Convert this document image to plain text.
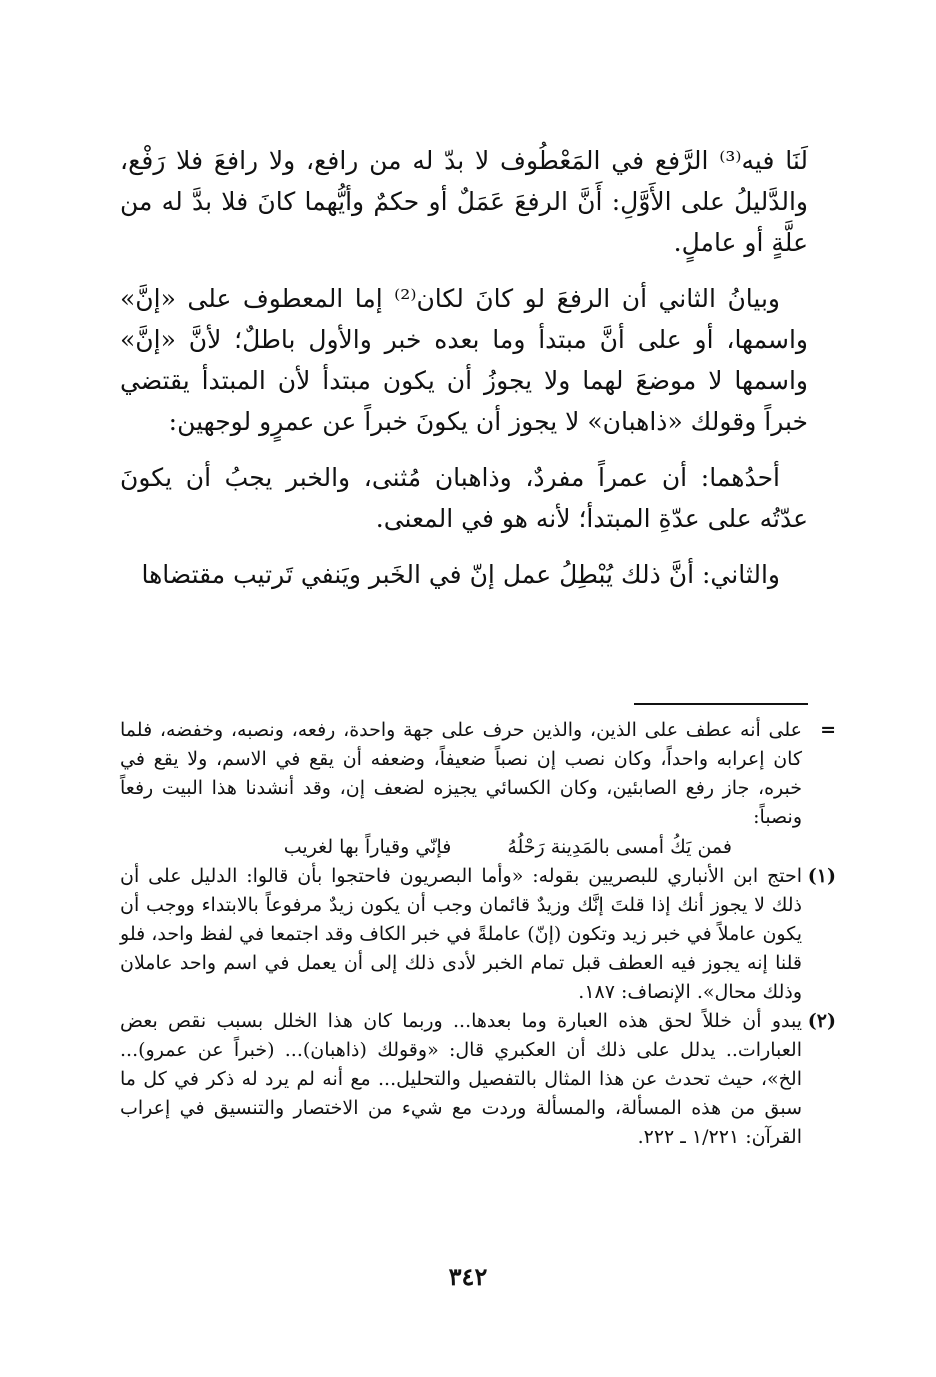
لَنَا فيه⁽³⁾ الرَّفع في المَعْطُوف لا بدّ له من رافع، ولا رافعَ فلا رَفْع، والدَّليلُ على الأَوَّلِ: أَنَّ الرفعَ عَمَلٌ أو حكمٌ وأيُّهما كانَ فلا بدَّ له من علَّةٍ أو عاملٍ.

وبيانُ الثاني أن الرفعَ لو كانَ لكان⁽²⁾ إما المعطوف على «إنَّ» واسمها، أو على أنَّ مبتدأ وما بعده خبر والأول باطلٌ؛ لأنَّ «إنَّ» واسمها لا موضعَ لهما ولا يجوزُ أن يكون مبتدأ لأن المبتدأ يقتضي خبراً وقولك «ذاهبان» لا يجوز أن يكونَ خبراً عن عمرٍو لوجهين:

أحدُهما: أن عمراً مفردٌ، وذاهبان مُثنى، والخبر يجبُ أن يكونَ عدّتُه على عدّةِ المبتدأ؛ لأنه هو في المعنى.

والثاني: أنَّ ذلك يُبْطِلُ عمل إنّ في الخَبر ويَنفي تَرتيب مقتضاها

=
على أنه عطف على الذين، والذين حرف على جهة واحدة، رفعه، ونصبه، وخفضه، فلما كان إعرابه واحداً، وكان نصب إن نصباً ضعيفاً، وضعفه أن يقع في الاسم، ولا يقع في خبره، جاز رفع الصابئين، وكان الكسائي يجيزه لضعف إن، وقد أنشدنا هذا البيت رفعاً ونصباً:
فمن يَكُ أمسى بالمَدِينة رَحْلُهُ
فإنّي وقياراً بها لغريب
(١)
احتج ابن الأنباري للبصريين بقوله: «وأما البصريون فاحتجوا بأن قالوا: الدليل على أن ذلك لا يجوز أنك إذا قلتَ إنَّك وزيدٌ قائمان وجب أن يكون زيدٌ مرفوعاً بالابتداء ووجب أن يكون عاملاً في خبر زيد وتكون (إنّ) عاملةً في خبر الكاف وقد اجتمعا في لفظ واحد، فلو قلنا إنه يجوز فيه العطف قبل تمام الخبر لأدى ذلك إلى أن يعمل في اسم واحد عاملان وذلك محال». الإنصاف: ١٨٧.
(٢)
يبدو أن خللاً لحق هذه العبارة وما بعدها... وربما كان هذا الخلل بسبب نقص بعض العبارات.. يدلل على ذلك أن العكبري قال: «وقولك (ذاهبان)... (خبراً عن عمرو)... الخ»، حيث تحدث عن هذا المثال بالتفصيل والتحليل... مع أنه لم يرد له ذكر في كل ما سبق من هذه المسألة، والمسألة وردت مع شيء من الاختصار والتنسيق في إعراب القرآن: ١/٢٢١ ـ ٢٢٢.
٣٤٢
